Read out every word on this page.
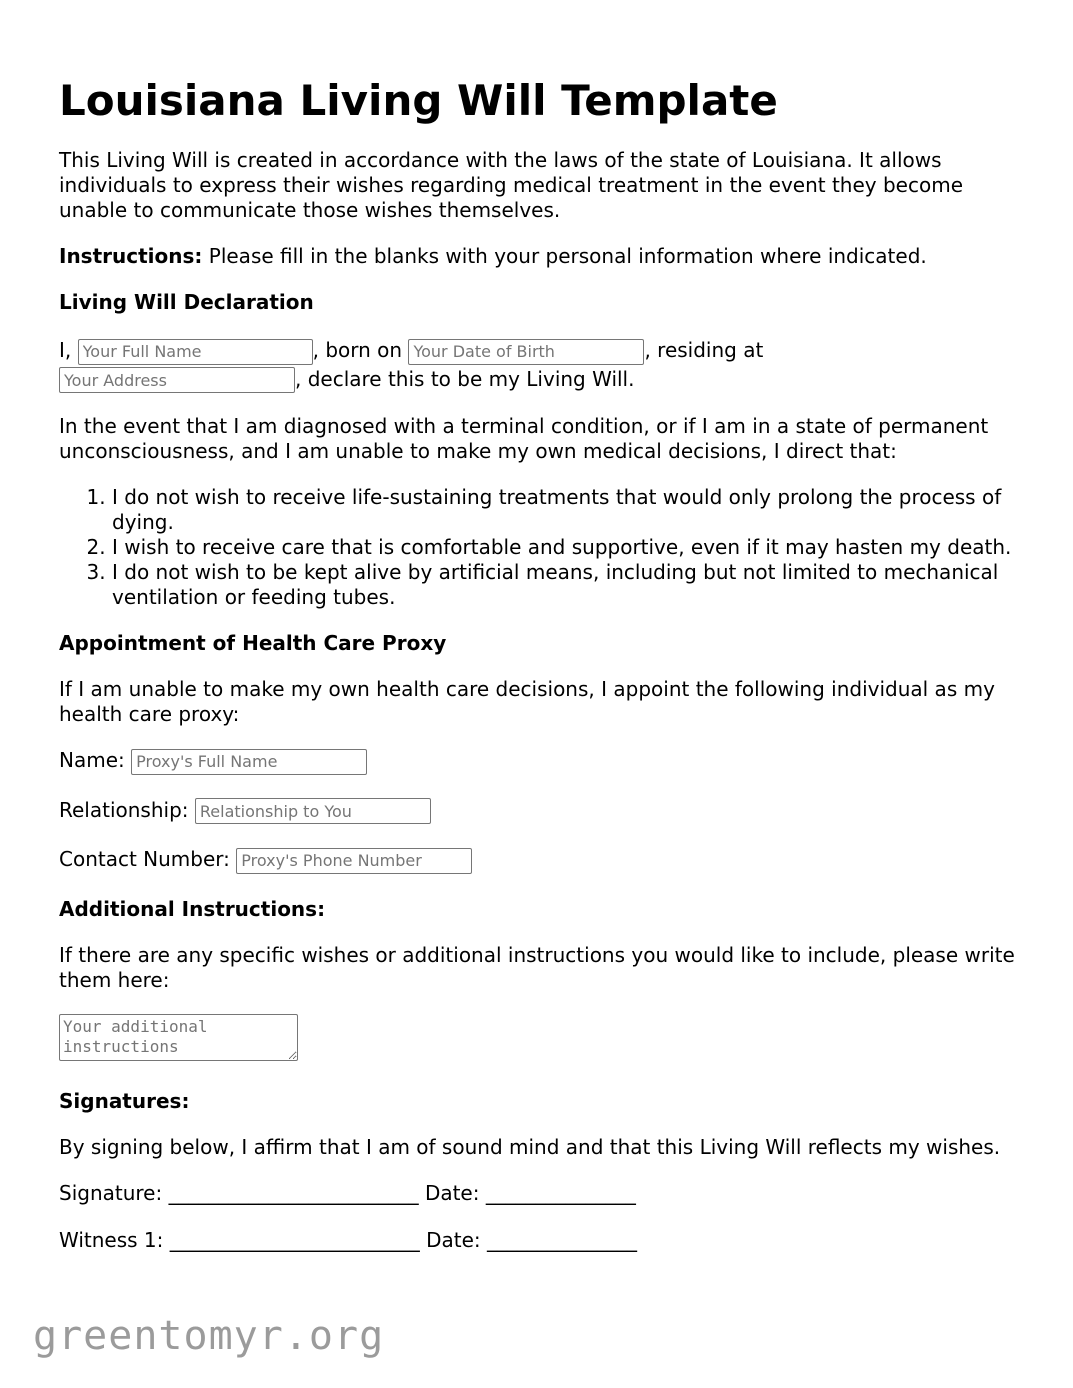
Louisiana Living Will Template

This Living Will is created in accordance with the laws of the state of Louisiana. It allows individuals to express their wishes regarding medical treatment in the event they become unable to communicate those wishes themselves.

Instructions: Please fill in the blanks with your personal information where indicated.

Living Will Declaration

I, Your Full Name	, born on Your Date of Birth	, residing at
Your Address, declare this to be my Living Will.

In the event that I am diagnosed with a terminal condition, or if I am in a state of permanent unconsciousness, and I am unable to make my own medical decisions, I direct that:

1. I do not wish to receive life-sustaining treatments that would only prolong the process of dying.
2. I wish to receive care that is comfortable and supportive, even if it may hasten my death.
3. I do not wish to be kept alive by artificial means, including but not limited to mechanical ventilation or feeding tubes.
Appointment of Health Care Proxy

If I am unable to make my own health care decisions, I appoint the following individual as my health care proxy:

Name: Proxy's Full Name
Relationship: Relationship to You
Contact Number: Proxy's Phone Number
Additional Instructions:

If there are any specific wishes or additional instructions you would like to include, please write them here:

Your additional instructions
Signatures:

By signing below, I affirm that I am of sound mind and that this Living Will reflects my wishes.

Signature: _________________________ Date: _______________
Witness 1: _________________________ Date: _______________
greentomyr.org
